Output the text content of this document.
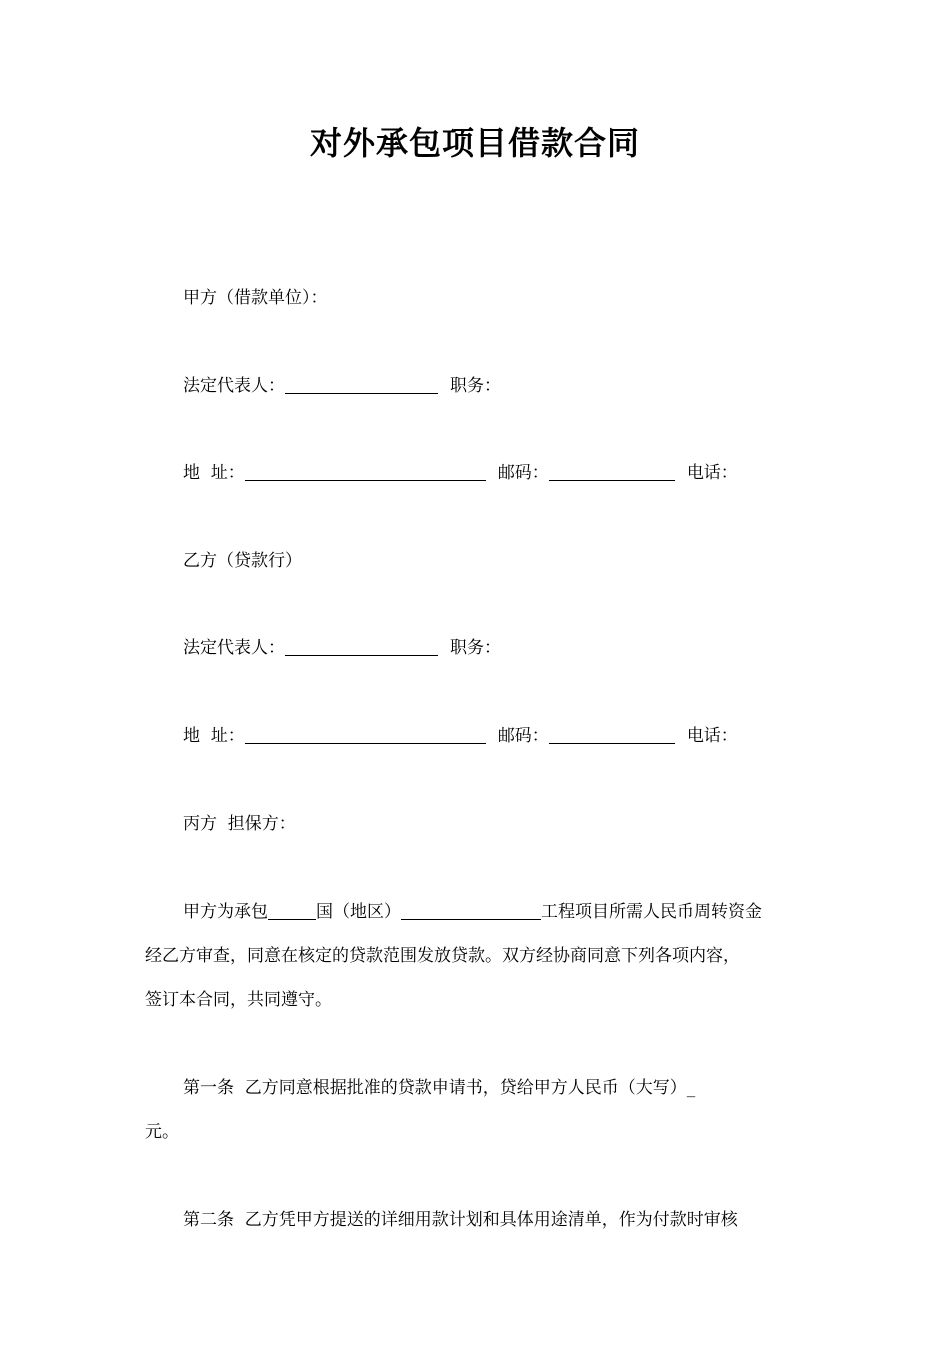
对外承包项目借款合同
甲方（借款单位）：
法定代表人：	职务：
地  址：	邮码：	电话：
乙方（贷款行）
法定代表人：	职务：
地  址：	邮码：	电话：
丙方  担保方：
甲方为承包	国（地区）	工程项目所需人民币周转资金
经乙方审查，同意在核定的贷款范围发放贷款。双方经协商同意下列各项内容，
签订本合同，共同遵守。
第一条  乙方同意根据批准的贷款申请书，贷给甲方人民币（大写）_
元。
第二条  乙方凭甲方提送的详细用款计划和具体用途清单，作为付款时审核
